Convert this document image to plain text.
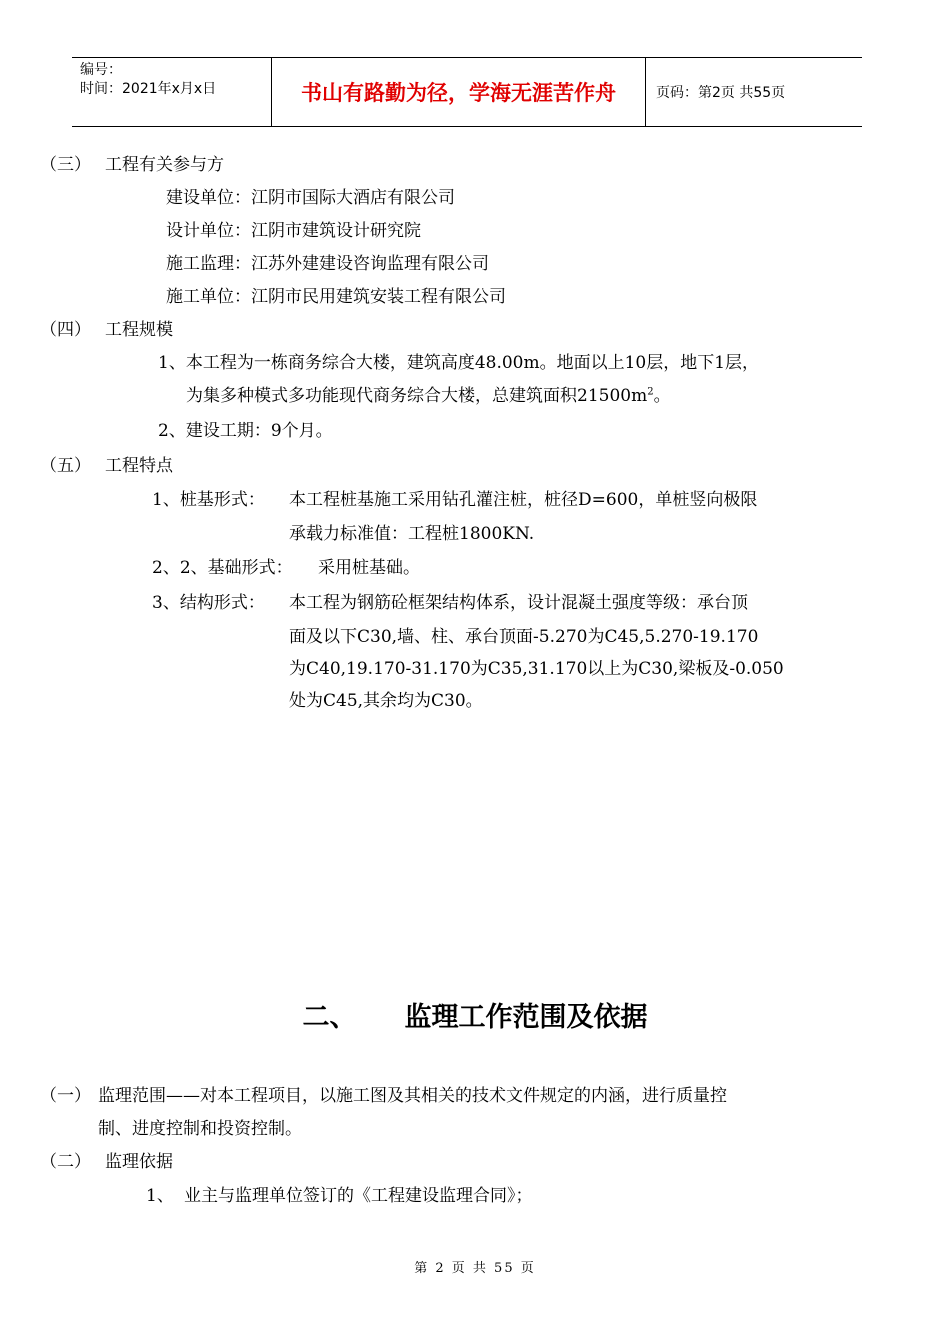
编号：
时间：2021年x月x日	书山有路勤为径，学海无涯苦作舟	页码：第2页 共55页
（三） 工程有关参与方
建设单位：江阴市国际大酒店有限公司
设计单位：江阴市建筑设计研究院
施工监理：江苏外建建设咨询监理有限公司
施工单位：江阴市民用建筑安装工程有限公司
（四） 工程规模
1、本工程为一栋商务综合大楼，建筑高度48.00m。地面以上10层，地下1层，
为集多种模式多功能现代商务综合大楼，总建筑面积$21500m^2$。
2、建设工期：9个月。
（五） 工程特点
1、桩基形式： 本工程桩基施工采用钻孔灌注桩，桩径D=600，单桩竖向极限
承载力标准值：工程桩1800KN.
2、2、基础形式： 采用桩基础。
3、结构形式： 本工程为钢筋砼框架结构体系，设计混凝土强度等级：承台顶
面及以下C30,墙、柱、承台顶面-5.270为C45,5.270-19.170
为C40,19.170-31.170为C35,31.170以上为C30,梁板及-0.050
处为C45,其余均为C30。
二、 监理工作范围及依据
（一） 监理范围——对本工程项目，以施工图及其相关的技术文件规定的内涵，进行质量控
制、进度控制和投资控制。
（二） 监理依据
1、 业主与监理单位签订的《工程建设监理合同》；
第 2 页 共 55 页
